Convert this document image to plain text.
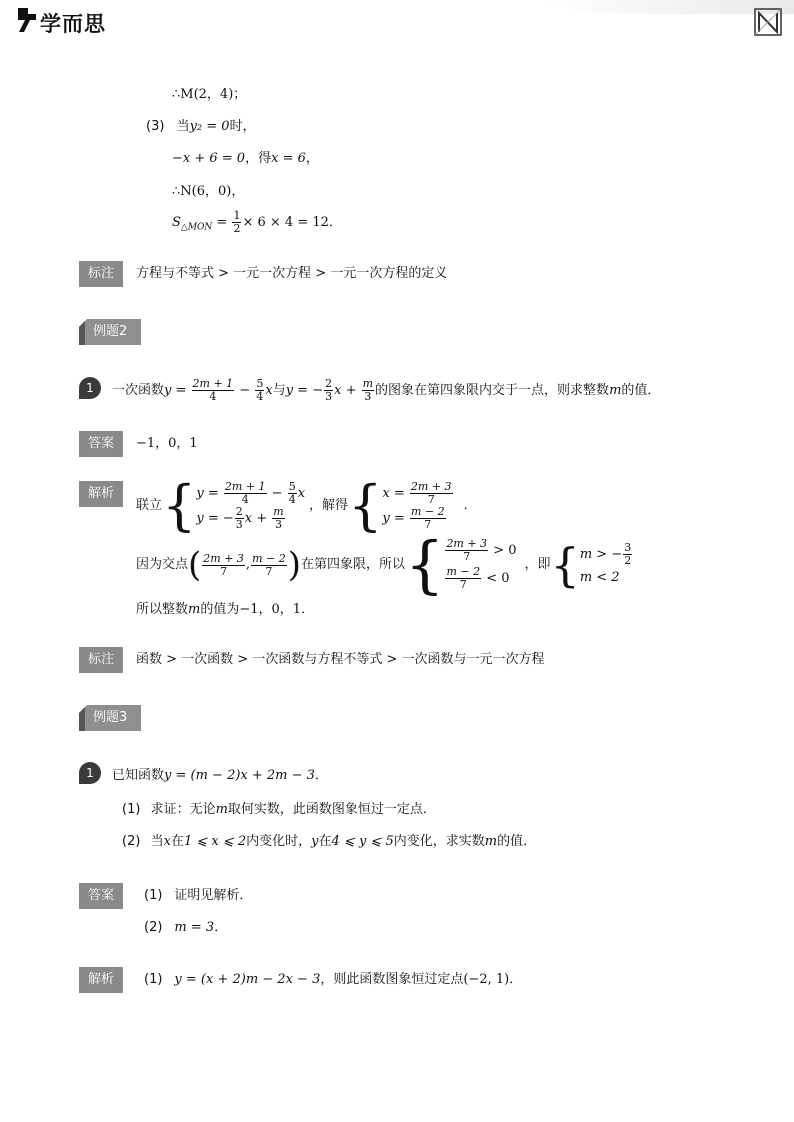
学而思
∴M(2，4)；
(3) 当y₂ = 0时，
−x + 6 = 0，得x = 6，
∴N(6，0)，
$S_{\triangle MON} = \frac{1}{2} \times 6 \times 4 = 12$．
标注	方程与不等式 > 一元一次方程 > 一元一次方程的定义
例题2
1	一次函数$y = \frac{2m + 1}{4} - \frac{5}{4}$ x与y = − $\frac{2}{3}$ $x + \frac{m}{3}$ 的图象在第四象限内交于一点，则求整数m的值．
答案	−1，0，1
解析
联立 { $y = \frac{2m + 1}{4} - \frac{5}{4}$ x
y = − $\frac{2}{3}$ $x + \frac{m}{3}$
，解得 { $x = \frac{2m + 3}{7}$
$y = \frac{m - 2}{7}$
．
因为交点 ( $\frac{2m + 3}{7}$ , $\frac{m - 2}{7}$ ) 在第四象限，所以 { $\frac{2m + 3}{7} > 0$
$\frac{m - 2}{7} < 0$
，即 { m > − $\frac{3}{2}$
m < 2
所以整数m的值为−1，0，1．
标注	函数 > 一次函数 > 一次函数与方程不等式 > 一次函数与一元一次方程
例题3
1	已知函数y = (m − 2)x + 2m − 3．
(1) 求证：无论m取何实数，此函数图象恒过一定点．
(2) 当x在1 ⩽ x ⩽ 2内变化时，y在4 ⩽ y ⩽ 5内变化，求实数m的值．
答案	(1) 证明见解析．
(2) m = 3．
解析	(1) y = (x + 2)m − 2x − 3，则此函数图象恒过定点(−2, 1)．
